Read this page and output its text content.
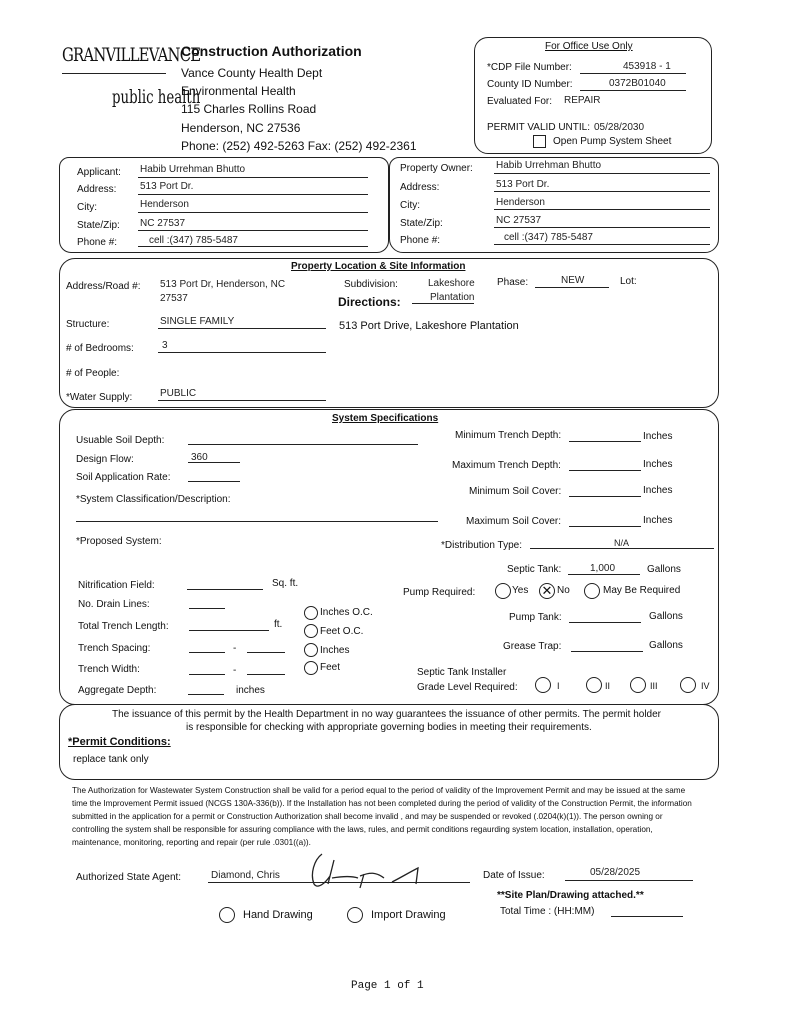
GRANVILLEVANCE
public health
Construction Authorization
Vance County Health Dept
Environmental Health
115 Charles Rollins Road
Henderson, NC 27536
Phone: (252) 492-5263 Fax: (252) 492-2361
For Office Use Only
*CDP File Number:	453918 - 1
County ID Number:	0372B01040
Evaluated For: REPAIR
PERMIT VALID UNTIL: 05/28/2030
Open Pump System Sheet
Applicant: Habib Urrehman Bhutto
Address: 513 Port Dr.
City:	Henderson
State/Zip: NC 27537
Phone #:	cell :(347) 785-5487
Property Owner: Habib Urrehman Bhutto
Address:	513 Port Dr.
City:	Henderson
State/Zip:	NC 27537
Phone #:	cell :(347) 785-5487
Property Location & Site Information
Address/Road #: 513 Port Dr, Henderson, NC
27537
Subdivision:	Lakeshore
Plantation
Phase:	NEW	Lot:
Directions:
513 Port Drive, Lakeshore Plantation
Structure:	SINGLE FAMILY
# of Bedrooms:	3
# of People:
*Water Supply:	PUBLIC
System Specifications
Usuable Soil Depth:
Design Flow:	360
Soil Application Rate:
*System Classification/Description:
*Proposed System:
Minimum Trench Depth:	Inches
Maximum Trench Depth:	Inches
Minimum Soil Cover:	Inches
Maximum Soil Cover:	Inches
*Distribution Type:	N/A
Septic Tank:	1,000	Gallons
Pump Required:	Yes ✕ No	May Be Required
Pump Tank:	Gallons
Grease Trap:	Gallons
Nitrification Field:	Sq. ft.
No. Drain Lines:
Total Trench Length:	ft.
Trench Spacing:	-
Trench Width:	-
Aggregate Depth:	inches
Inches O.C.
Feet O.C.
Inches
Feet	Septic Tank Installer
Grade Level Required:	I	II	III	IV
The issuance of this permit by the Health Department in no way guarantees the issuance of other permits. The permit holder
is responsible for checking with appropriate governing bodies in meeting their requirements.
*Permit Conditions:
replace tank only
The Authorization for Wastewater System Construction shall be valid for a period equal to the period of validity of the Improvement Permit and may be issued at the same time the Improvement Permit issued (NCGS 130A-336(b)). If the Installation has not been completed during the period of validity of the Construction Permit, the information submitted in the application for a permit or Construction Authorization shall become invalid , and may be suspended or revoked (.0204(k)(1)). The person owning or controlling the system shall be responsible for assuring compliance with the laws, rules, and permit conditions regaurding system location, installation, operation, maintenance, monitoring, reporting and repair (per rule .0301((a)).
Authorized State Agent:	Diamond, Chris	Date of Issue:	05/28/2025
**Site Plan/Drawing attached.**
Total Time : (HH:MM)
Hand Drawing	Import Drawing
Page 1 of 1
